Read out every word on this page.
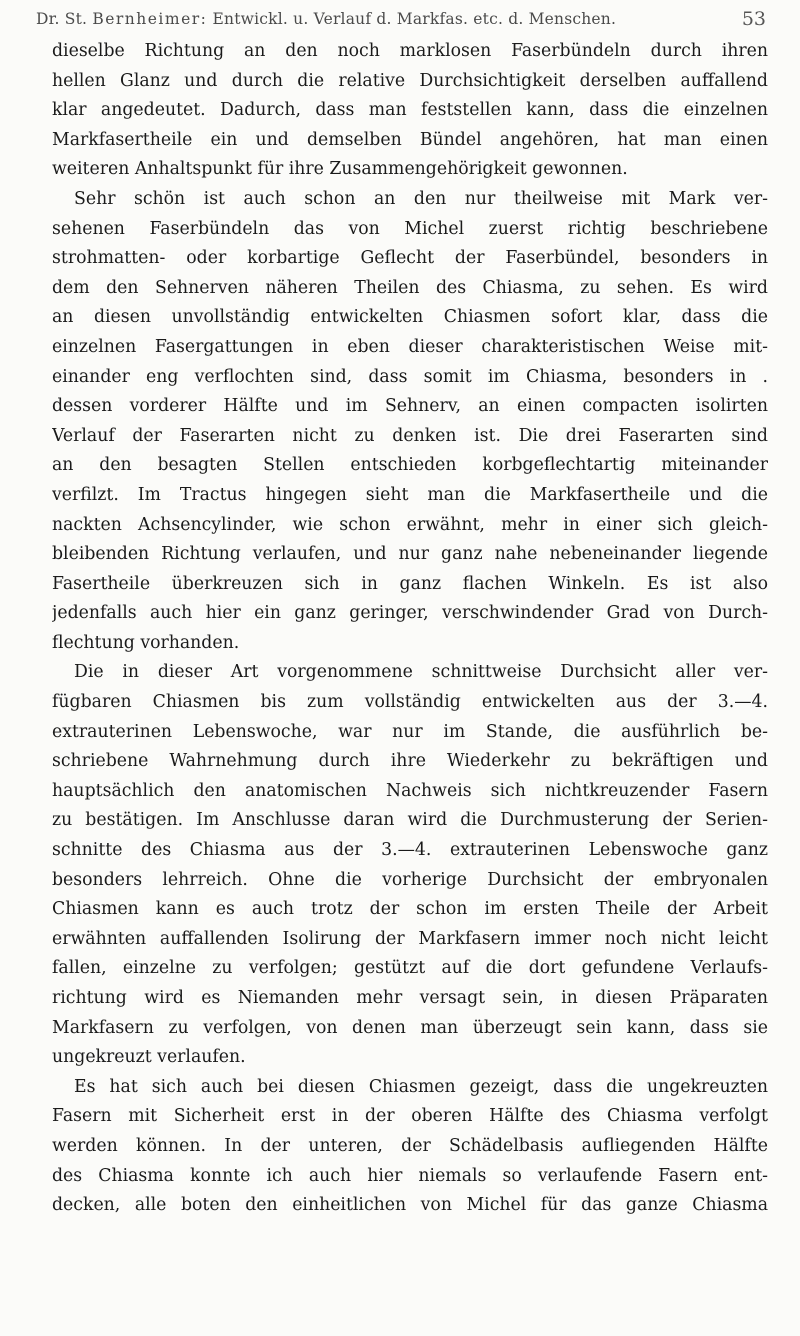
Dr. St. Bernheimer: Entwickl. u. Verlauf d. Markfas. etc. d. Menschen.	53
dieselbe Richtung an den noch marklosen Faserbündeln durch ihren
hellen Glanz und durch die relative Durchsichtigkeit derselben auffallend
klar angedeutet. Dadurch, dass man feststellen kann, dass die einzelnen
Markfasertheile ein und demselben Bündel angehören, hat man einen
weiteren Anhaltspunkt für ihre Zusammengehörigkeit gewonnen.
Sehr schön ist auch schon an den nur theilweise mit Mark ver-
sehenen Faserbündeln das von Michel zuerst richtig beschriebene
strohmatten- oder korbartige Geflecht der Faserbündel, besonders in
dem den Sehnerven näheren Theilen des Chiasma, zu sehen. Es wird
an diesen unvollständig entwickelten Chiasmen sofort klar, dass die
einzelnen Fasergattungen in eben dieser charakteristischen Weise mit-
einander eng verflochten sind, dass somit im Chiasma, besonders in .
dessen vorderer Hälfte und im Sehnerv, an einen compacten isolirten
Verlauf der Faserarten nicht zu denken ist. Die drei Faserarten sind
an den besagten Stellen entschieden korbgeflechtartig miteinander
verfilzt. Im Tractus hingegen sieht man die Markfasertheile und die
nackten Achsencylinder, wie schon erwähnt, mehr in einer sich gleich-
bleibenden Richtung verlaufen, und nur ganz nahe nebeneinander liegende
Fasertheile überkreuzen sich in ganz flachen Winkeln. Es ist also
jedenfalls auch hier ein ganz geringer, verschwindender Grad von Durch-
flechtung vorhanden.
Die in dieser Art vorgenommene schnittweise Durchsicht aller ver-
fügbaren Chiasmen bis zum vollständig entwickelten aus der 3.—4.
extrauterinen Lebenswoche, war nur im Stande, die ausführlich be-
schriebene Wahrnehmung durch ihre Wiederkehr zu bekräftigen und
hauptsächlich den anatomischen Nachweis sich nichtkreuzender Fasern
zu bestätigen. Im Anschlusse daran wird die Durchmusterung der Serien-
schnitte des Chiasma aus der 3.—4. extrauterinen Lebenswoche ganz
besonders lehrreich. Ohne die vorherige Durchsicht der embryonalen
Chiasmen kann es auch trotz der schon im ersten Theile der Arbeit
erwähnten auffallenden Isolirung der Markfasern immer noch nicht leicht
fallen, einzelne zu verfolgen; gestützt auf die dort gefundene Verlaufs-
richtung wird es Niemanden mehr versagt sein, in diesen Präparaten
Markfasern zu verfolgen, von denen man überzeugt sein kann, dass sie
ungekreuzt verlaufen.
Es hat sich auch bei diesen Chiasmen gezeigt, dass die ungekreuzten
Fasern mit Sicherheit erst in der oberen Hälfte des Chiasma verfolgt
werden können. In der unteren, der Schädelbasis aufliegenden Hälfte
des Chiasma konnte ich auch hier niemals so verlaufende Fasern ent-
decken, alle boten den einheitlichen von Michel für das ganze Chiasma
